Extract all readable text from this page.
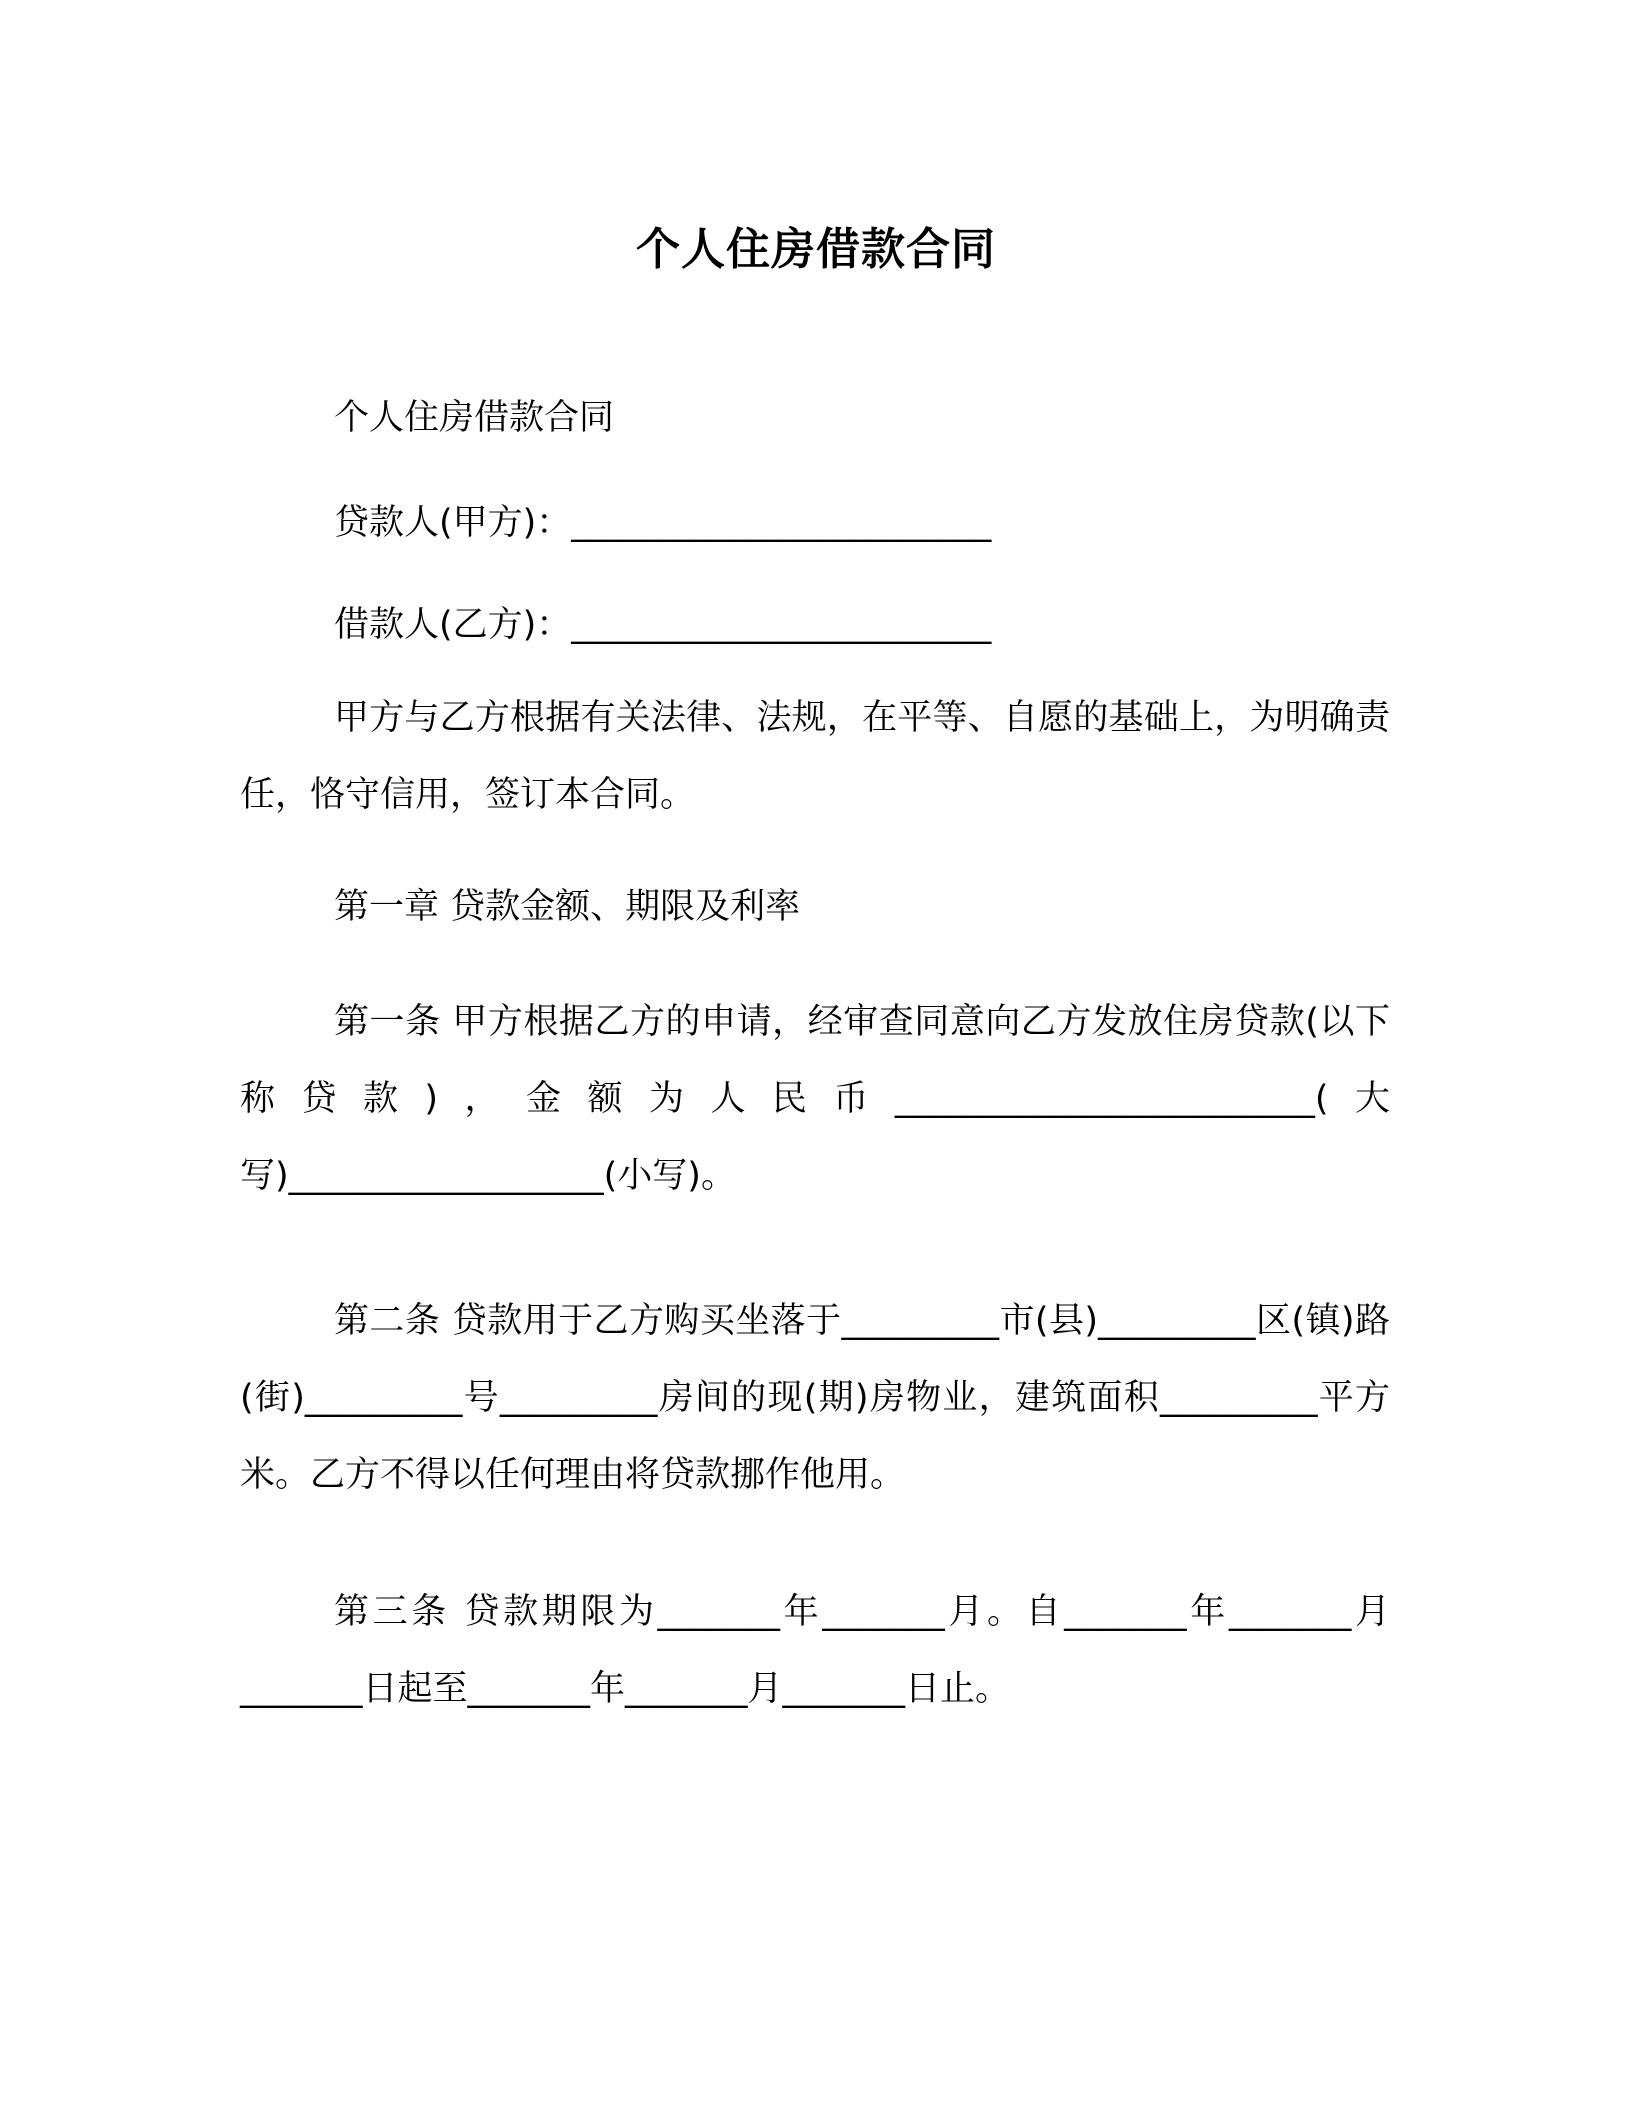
个人住房借款合同

个人住房借款合同

贷款人(甲方)：________________________

借款人(乙方)：________________________

甲方与乙方根据有关法律、法规，在平等、自愿的基础上，为明确责任，恪守信用，签订本合同。

第一章 贷款金额、期限及利率

第一条 甲方根据乙方的申请，经审查同意向乙方发放住房贷款(以下称贷款)，金额为人民币________________________(大写)__________________(小写)。

第二条 贷款用于乙方购买坐落于_________市(县)_________区(镇)路(街)_________号_________房间的现(期)房物业，建筑面积_________平方米。乙方不得以任何理由将贷款挪作他用。

第三条 贷款期限为_______年_______月。自_______年_______月_______日起至_______年_______月_______日止。
